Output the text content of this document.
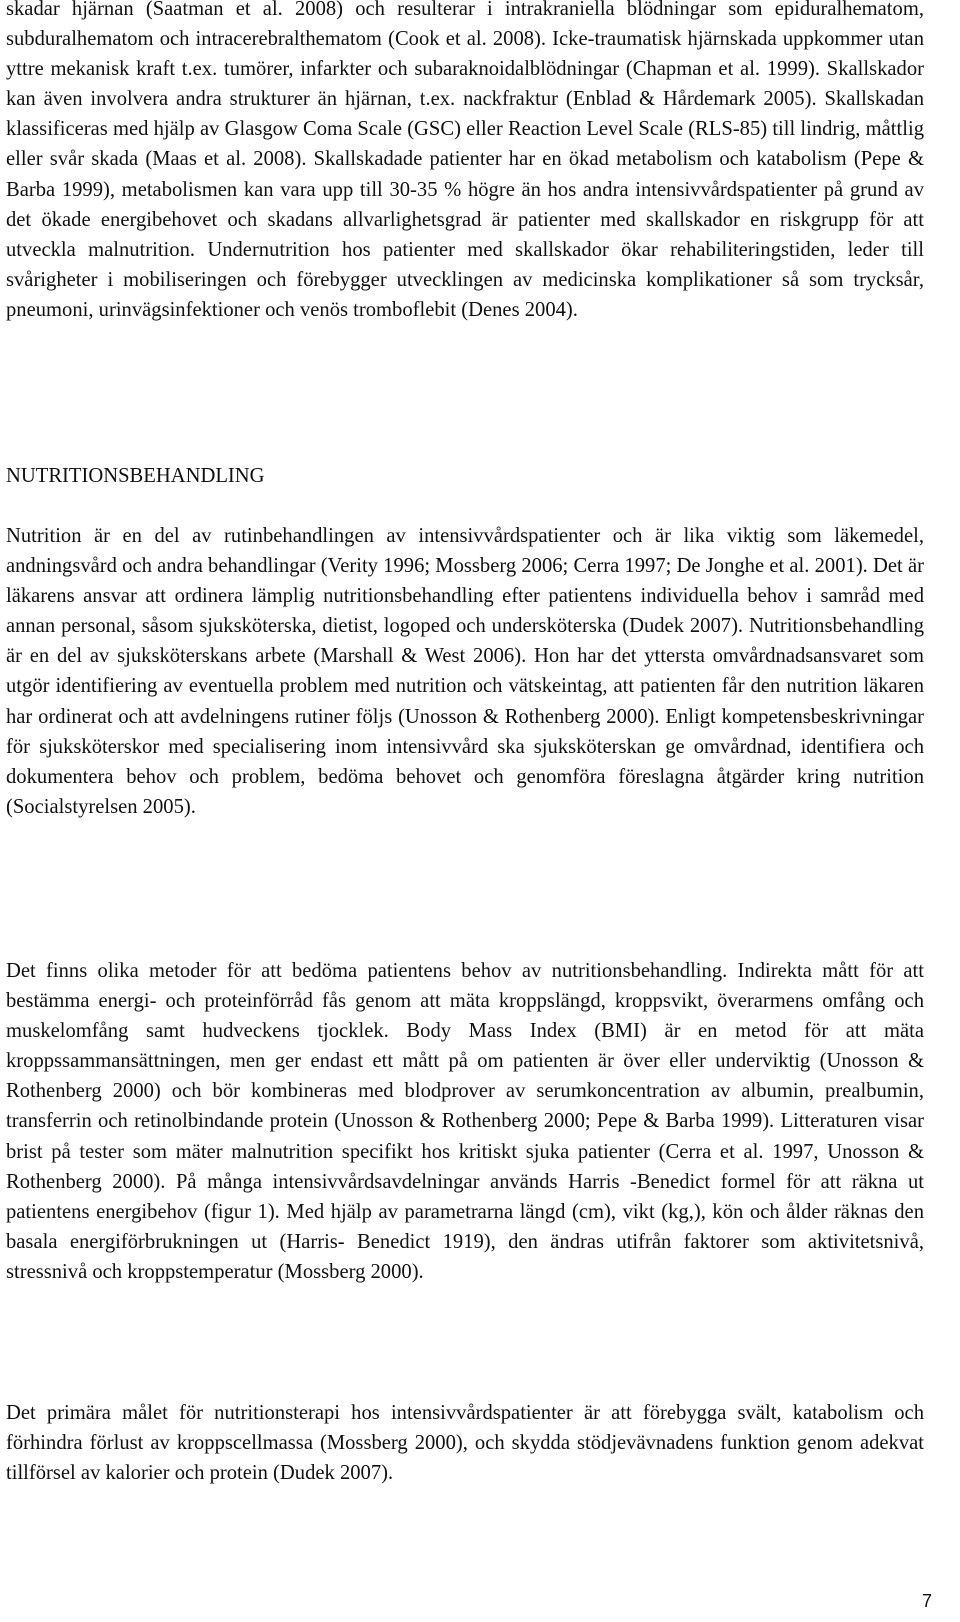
skadar hjärnan (Saatman et al. 2008) och resulterar i intrakraniella blödningar som epiduralhematom, subduralhematom och intracerebralthematom (Cook et al. 2008). Icke-traumatisk hjärnskada uppkommer utan yttre mekanisk kraft t.ex. tumörer, infarkter och subaraknoidalblödningar (Chapman et al. 1999). Skallskador kan även involvera andra strukturer än hjärnan, t.ex. nackfraktur (Enblad & Hårdemark 2005). Skallskadan klassificeras med hjälp av Glasgow Coma Scale (GSC) eller Reaction Level Scale (RLS-85) till lindrig, måttlig eller svår skada (Maas et al. 2008). Skallskadade patienter har en ökad metabolism och katabolism (Pepe & Barba 1999), metabolismen kan vara upp till 30-35 % högre än hos andra intensivvårdspatienter på grund av det ökade energibehovet och skadans allvarlighetsgrad är patienter med skallskador en riskgrupp för att utveckla malnutrition. Undernutrition hos patienter med skallskador ökar rehabiliteringstiden, leder till svårigheter i mobiliseringen och förebygger utvecklingen av medicinska komplikationer så som trycksår, pneumoni, urinvägsinfektioner och venös tromboflebit (Denes 2004).

NUTRITIONSBEHANDLING

Nutrition är en del av rutinbehandlingen av intensivvårdspatienter och är lika viktig som läkemedel, andningsvård och andra behandlingar (Verity 1996; Mossberg 2006; Cerra 1997; De Jonghe et al. 2001). Det är läkarens ansvar att ordinera lämplig nutritionsbehandling efter patientens individuella behov i samråd med annan personal, såsom sjuksköterska, dietist, logoped och undersköterska (Dudek 2007). Nutritionsbehandling är en del av sjuksköterskans arbete (Marshall & West 2006). Hon har det yttersta omvårdnadsansvaret som utgör identifiering av eventuella problem med nutrition och vätskeintag, att patienten får den nutrition läkaren har ordinerat och att avdelningens rutiner följs (Unosson & Rothenberg 2000). Enligt kompetensbeskrivningar för sjuksköterskor med specialisering inom intensivvård ska sjuksköterskan ge omvårdnad, identifiera och dokumentera behov och problem, bedöma behovet och genomföra föreslagna åtgärder kring nutrition (Socialstyrelsen 2005).

Det finns olika metoder för att bedöma patientens behov av nutritionsbehandling. Indirekta mått för att bestämma energi- och proteinförråd fås genom att mäta kroppslängd, kroppsvikt, överarmens omfång och muskelomfång samt hudveckens tjocklek. Body Mass Index (BMI) är en metod för att mäta kroppssammansättningen, men ger endast ett mått på om patienten är över eller underviktig (Unosson & Rothenberg 2000) och bör kombineras med blodprover av serumkoncentration av albumin, prealbumin, transferrin och retinolbindande protein (Unosson & Rothenberg 2000; Pepe & Barba 1999). Litteraturen visar brist på tester som mäter malnutrition specifikt hos kritiskt sjuka patienter (Cerra et al. 1997, Unosson & Rothenberg 2000). På många intensivvårdsavdelningar används Harris -Benedict formel för att räkna ut patientens energibehov (figur 1). Med hjälp av parametrarna längd (cm), vikt (kg,), kön och ålder räknas den basala energiförbrukningen ut (Harris- Benedict 1919), den ändras utifrån faktorer som aktivitetsnivå, stressnivå och kroppstemperatur (Mossberg 2000).

Det primära målet för nutritionsterapi hos intensivvårdspatienter är att förebygga svält, katabolism och förhindra förlust av kroppscellmassa (Mossberg 2000), och skydda stödjevävnadens funktion genom adekvat tillförsel av kalorier och protein (Dudek 2007).

7
